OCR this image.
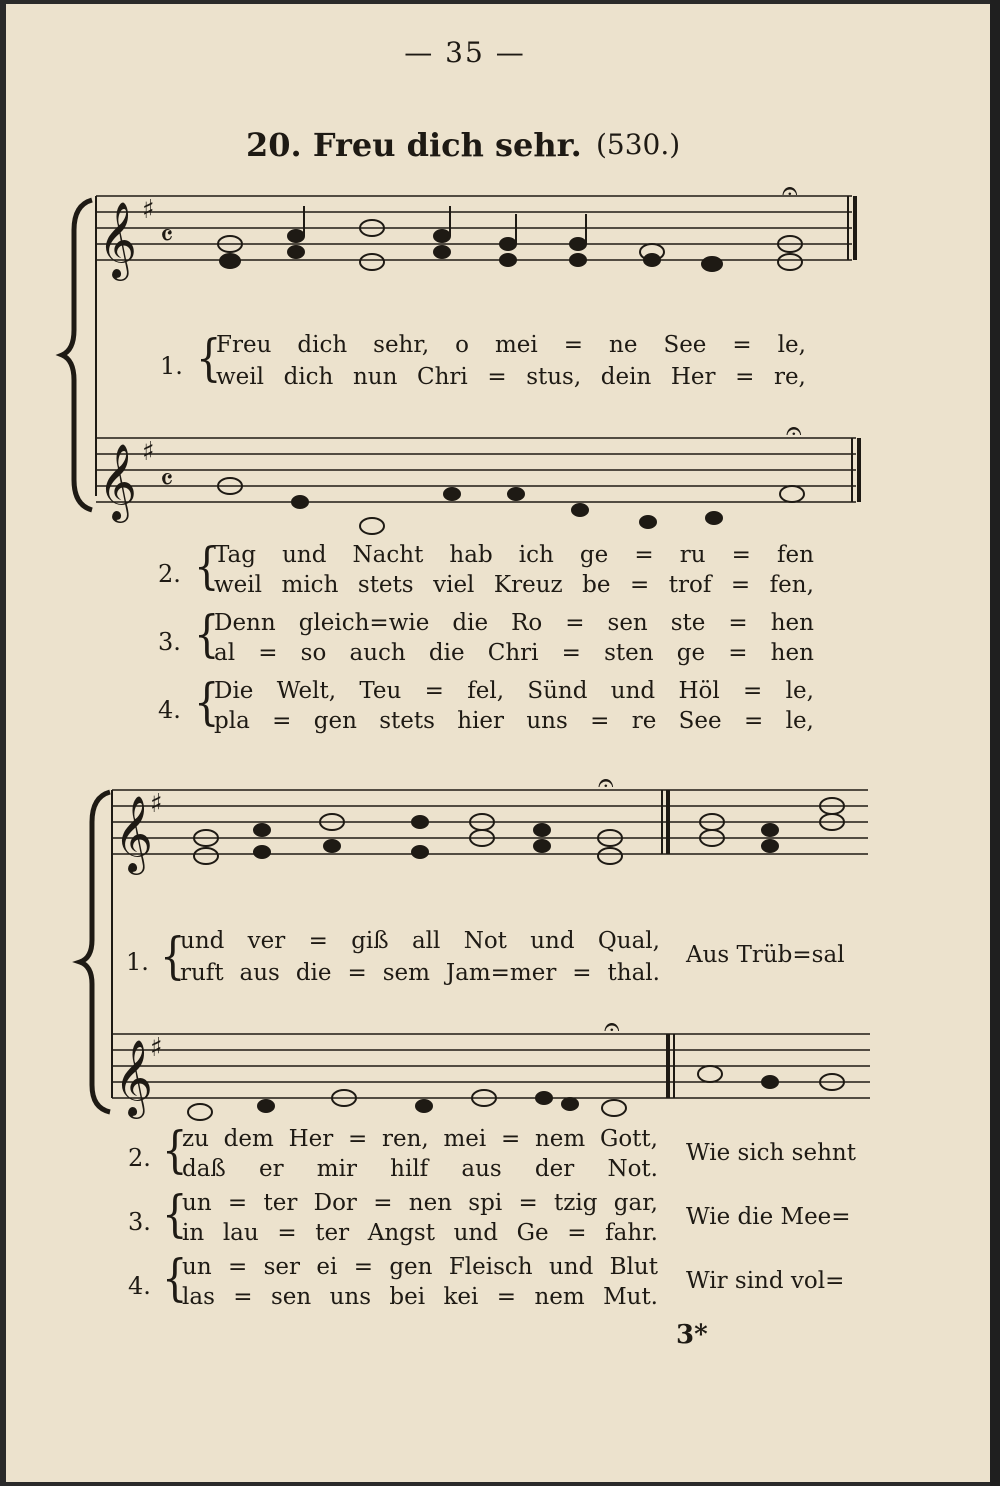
— 35 —
20. Freu dich sehr. (530.)
𝄞 ♯
𝄴
𝄞 ♯
𝄴
𝄐
𝄐
𝄞
♯
𝄞
♯
𝄐
𝄐
1. {
Freu dich sehr, o mei = ne See = le,
weil dich nun Chri = stus, dein Her = re,
2. {
Tag und Nacht hab ich ge = ru = fen
weil mich stets viel Kreuz be = trof = fen,
3. {
Denn gleich=wie die Ro = sen ste = hen
al = so auch die Chri = sten ge = hen
4. {
Die Welt, Teu = fel, Sünd und Höl = le,
pla = gen stets hier uns = re See = le,
1. {
und ver = giß all Not und Qual,
ruft aus die = sem Jam=mer = thal.
Aus Trüb=sal
2. {
zu dem Her = ren, mei = nem Gott,
daß er mir hilf aus der Not.
Wie sich sehnt
3. {
un = ter Dor = nen spi = tzig gar,
in lau = ter Angst und Ge = fahr.
Wie die Mee=
4. {
un = ser ei = gen Fleisch und Blut
las = sen uns bei kei = nem Mut.
Wir sind vol=
3*
